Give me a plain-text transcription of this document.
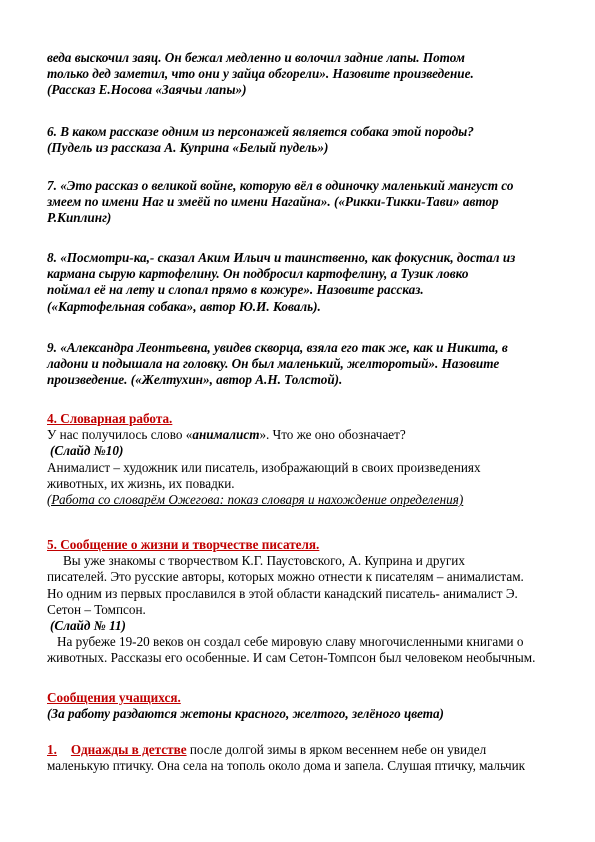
веда выскочил заяц. Он бежал медленно и волочил задние лапы. Потом
только дед заметил, что они у зайца обгорели». Назовите произведение.
(Рассказ Е.Носова «Заячьи лапы»)

6. В каком рассказе одним из персонажей является собака этой породы?
(Пудель из рассказа А. Куприна «Белый пудель»)

7. «Это рассказ о великой войне, которую вёл в одиночку маленький мангуст со
змеем по имени Наг и змеёй по имени Нагайна». («Рикки-Тикки-Тави» автор
Р.Киплинг)

8. «Посмотри-ка,- сказал Аким Ильич и таинственно, как фокусник, достал из
кармана сырую картофелину. Он подбросил картофелину, а Тузик ловко
поймал её на лету и слопал прямо в кожуре». Назовите рассказ.
(«Картофельная собака», автор Ю.И. Коваль).

9. «Александра Леонтьевна, увидев скворца, взяла его так же, как и Никита, в
ладони и подышала на головку. Он был маленький, желторотый». Назовите
произведение. («Желтухин», автор А.Н. Толстой).

4. Словарная работа.
У нас получилось слово «анималист». Что же оно обозначает?
(Слайд №10)
Анималист – художник или писатель, изображающий в своих произведениях
животных, их жизнь, их повадки.
(Работа со словарём Ожегова: показ словаря и нахождение определения)
5. Сообщение о жизни и творчестве писателя.
Вы уже знакомы с творчеством К.Г. Паустовского, А. Куприна и других
писателей. Это русские авторы, которых можно отнести к писателям – анималистам.
Но одним из первых прославился в этой области канадский писатель- анималист Э.
Сетон – Томпсон.
(Слайд № 11)
На рубеже 19-20 веков он создал себе мировую славу многочисленными книгами о
животных. Рассказы его особенные. И сам Сетон-Томпсон был человеком необычным.
Сообщения учащихся.
(За работу раздаются жетоны красного, желтого, зелёного цвета)
1. Однажды в детстве после долгой зимы в ярком весеннем небе он увидел
маленькую птичку. Она села на тополь около дома и запела. Слушая птичку, мальчик
